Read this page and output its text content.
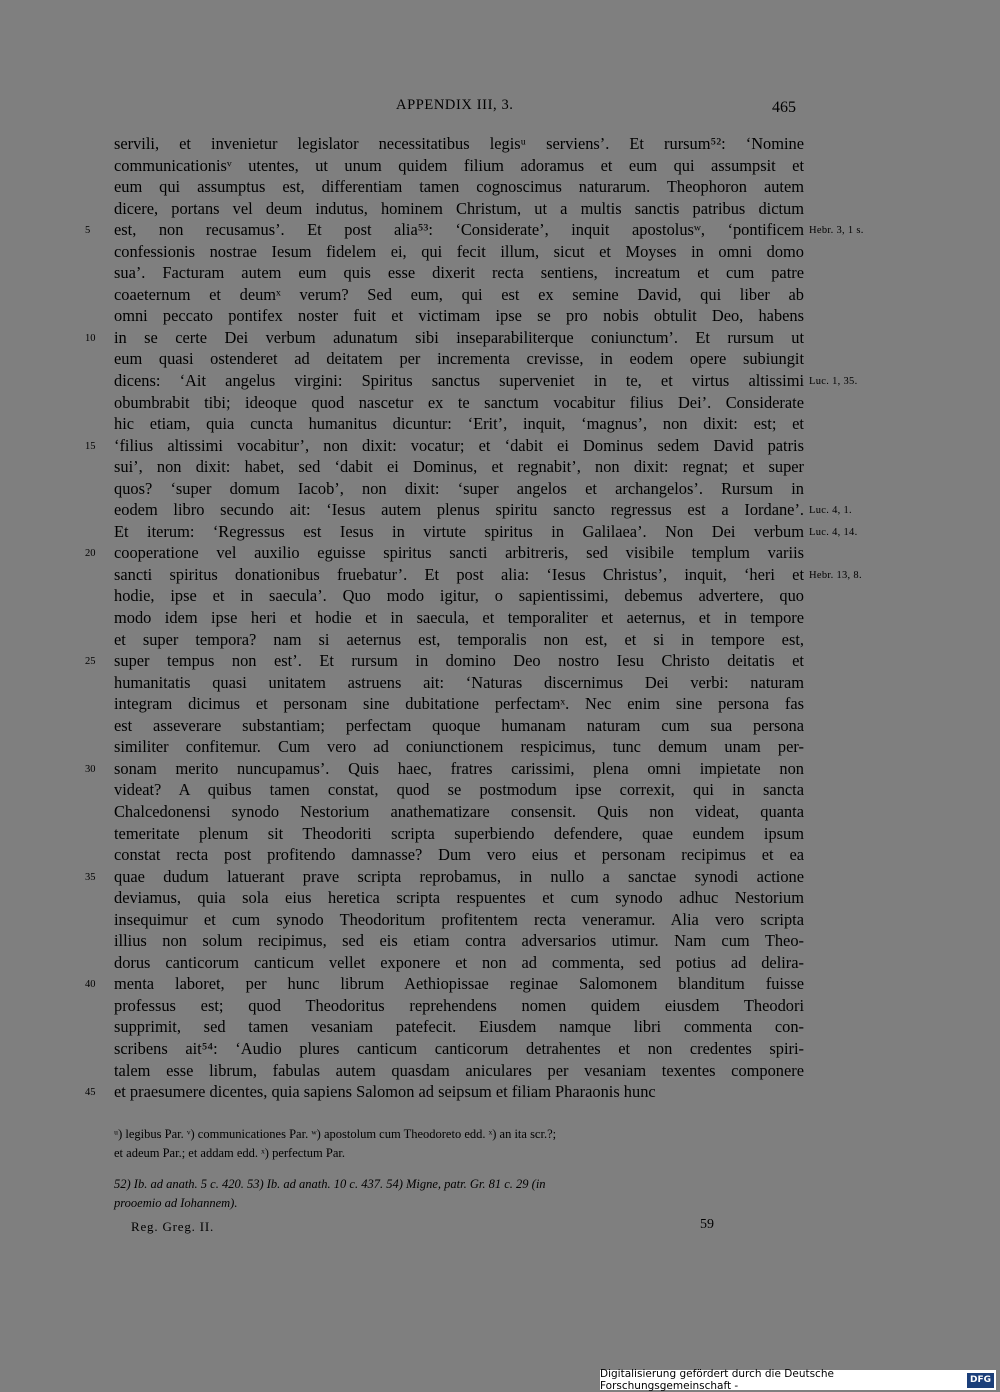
APPENDIX III, 3.	465
servili, et invenietur legislator necessitatibus legisᵘ serviens’. Et rursum⁵²: ‘Nomine
communicationisᵛ utentes, ut unum quidem filium adoramus et eum qui assumpsit et
eum qui assumptus est, differentiam tamen cognoscimus naturarum. Theophoron autem
dicere, portans vel deum indutus, hominem Christum, ut a multis sanctis patribus dictum
est, non recusamus’. Et post alia⁵³: ‘Considerate’, inquit apostolusʷ, ‘pontificem
5	Hebr. 3, 1 s.
confessionis nostrae Iesum fidelem ei, qui fecit illum, sicut et Moyses in omni domo
sua’. Facturam autem eum quis esse dixerit recta sentiens, increatum et cum patre
coaeternum et deumˣ verum? Sed eum, qui est ex semine David, qui liber ab
omni peccato pontifex noster fuit et victimam ipse se pro nobis obtulit Deo, habens
in se certe Dei verbum adunatum sibi inseparabiliterque coniunctum’. Et rursum ut
10
eum quasi ostenderet ad deitatem per incrementa crevisse, in eodem opere subiungit
dicens: ‘Ait angelus virgini: Spiritus sanctus superveniet in te, et virtus altissimi Luc. 1, 35.
obumbrabit tibi; ideoque quod nascetur ex te sanctum vocabitur filius Dei’. Considerate
hic etiam, quia cuncta humanitus dicuntur: ‘Erit’, inquit, ‘magnus’, non dixit: est; et
‘filius altissimi vocabitur’, non dixit: vocatur; et ‘dabit ei Dominus sedem David patris
15
sui’, non dixit: habet, sed ‘dabit ei Dominus, et regnabit’, non dixit: regnat; et super
quos? ‘super domum Iacob’, non dixit: ‘super angelos et archangelos’. Rursum in
eodem libro secundo ait: ‘Iesus autem plenus spiritu sancto regressus est a Iordane’. Luc. 4, 1.
Et iterum: ‘Regressus est Iesus in virtute spiritus in Galilaea’. Non Dei verbum Luc. 4, 14.
cooperatione vel auxilio eguisse spiritus sancti arbitreris, sed visibile templum variis
20
sancti spiritus donationibus fruebatur’. Et post alia: ‘Iesus Christus’, inquit, ‘heri et Hebr. 13, 8.
hodie, ipse et in saecula’. Quo modo igitur, o sapientissimi, debemus advertere, quo
modo idem ipse heri et hodie et in saecula, et temporaliter et aeternus, et in tempore
et super tempora? nam si aeternus est, temporalis non est, et si in tempore est,
super tempus non est’. Et rursum in domino Deo nostro Iesu Christo deitatis et
25
humanitatis quasi unitatem astruens ait: ‘Naturas discernimus Dei verbi: naturam
integram dicimus et personam sine dubitatione perfectamˣ. Nec enim sine persona fas
est asseverare substantiam; perfectam quoque humanam naturam cum sua persona
similiter confitemur. Cum vero ad coniunctionem respicimus, tunc demum unam per-
sonam merito nuncupamus’. Quis haec, fratres carissimi, plena omni impietate non
30
videat? A quibus tamen constat, quod se postmodum ipse correxit, qui in sancta
Chalcedonensi synodo Nestorium anathematizare consensit. Quis non videat, quanta
temeritate plenum sit Theodoriti scripta superbiendo defendere, quae eundem ipsum
constat recta post profitendo damnasse? Dum vero eius et personam recipimus et ea
quae dudum latuerant prave scripta reprobamus, in nullo a sanctae synodi actione
35
deviamus, quia sola eius heretica scripta respuentes et cum synodo adhuc Nestorium
insequimur et cum synodo Theodoritum profitentem recta veneramur. Alia vero scripta
illius non solum recipimus, sed eis etiam contra adversarios utimur. Nam cum Theo-
dorus canticorum canticum vellet exponere et non ad commenta, sed potius ad delira-
menta laboret, per hunc librum Aethiopissae reginae Salomonem blanditum fuisse
40
professus est; quod Theodoritus reprehendens nomen quidem eiusdem Theodori
supprimit, sed tamen vesaniam patefecit. Eiusdem namque libri commenta con-
scribens ait⁵⁴: ‘Audio plures canticum canticorum detrahentes et non credentes spiri-
talem esse librum, fabulas autem quasdam aniculares per vesaniam texentes componere
et praesumere dicentes, quia sapiens Salomon ad seipsum et filiam Pharaonis hunc
45
ᵘ) legibus Par. ᵛ) communicationes Par. ʷ) apostolum cum Theodoreto edd. ˣ) an ita scr.?;
et adeum Par.; et addam edd. ˣ) perfectum Par.
52) Ib. ad anath. 5 c. 420. 53) Ib. ad anath. 10 c. 437. 54) Migne, patr. Gr. 81 c. 29 (in
prooemio ad Iohannem).
Reg. Greg. II.	59
Digitalisierung gefördert durch die Deutsche Forschungsgemeinschaft -
DFG
